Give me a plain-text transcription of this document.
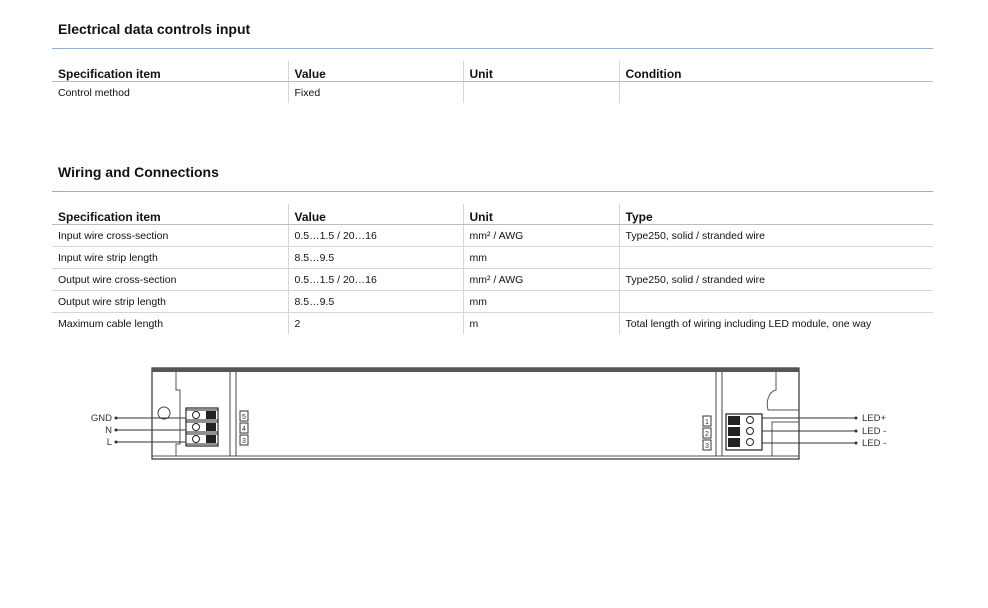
Electrical data controls input
Specification item	Value	Unit	Condition
Control method	Fixed		
Wiring and Connections
Specification item	Value	Unit	Type
Input wire cross-section	0.5…1.5 / 20…16	mm² / AWG	Type250, solid / stranded wire
Input wire strip length	8.5…9.5	mm	
Output wire cross-section	0.5…1.5 / 20…16	mm² / AWG	Type250, solid / stranded wire
Output wire strip length	8.5…9.5	mm	
Maximum cable length	2	m	Total length of wiring including LED module, one way
5
4
3
GND
N
L
1
2
3
LED+
LED -
LED -
